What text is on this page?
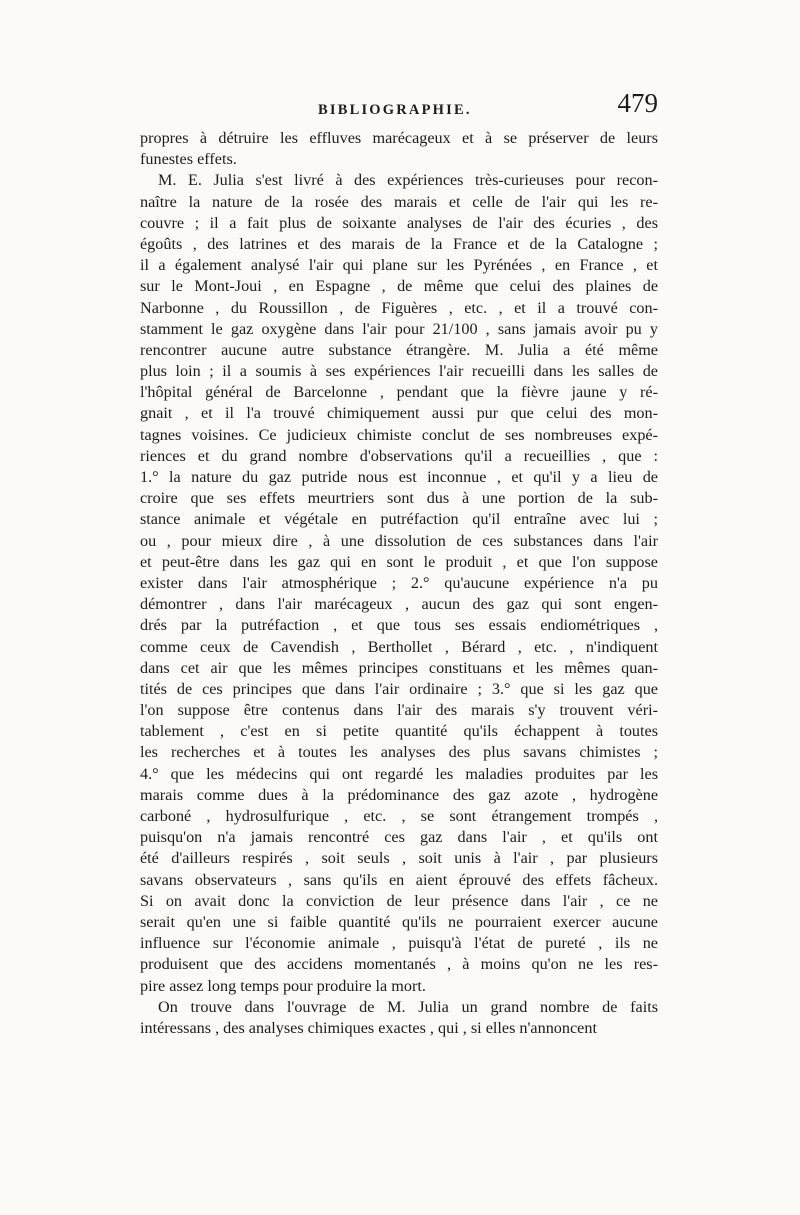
BIBLIOGRAPHIE.	479
propres à détruire les effluves marécageux et à se préserver de leurs
funestes effets.
M. E. Julia s'est livré à des expériences très-curieuses pour recon-
naître la nature de la rosée des marais et celle de l'air qui les re-
couvre ; il a fait plus de soixante analyses de l'air des écuries , des
égoûts , des latrines et des marais de la France et de la Catalogne ;
il a également analysé l'air qui plane sur les Pyrénées , en France , et
sur le Mont-Joui , en Espagne , de même que celui des plaines de
Narbonne , du Roussillon , de Figuères , etc. , et il a trouvé con-
stamment le gaz oxygène dans l'air pour 21/100 , sans jamais avoir pu y
rencontrer aucune autre substance étrangère. M. Julia a été même
plus loin ; il a soumis à ses expériences l'air recueilli dans les salles de
l'hôpital général de Barcelonne , pendant que la fièvre jaune y ré-
gnait , et il l'a trouvé chimiquement aussi pur que celui des mon-
tagnes voisines. Ce judicieux chimiste conclut de ses nombreuses expé-
riences et du grand nombre d'observations qu'il a recueillies , que :
1.° la nature du gaz putride nous est inconnue , et qu'il y a lieu de
croire que ses effets meurtriers sont dus à une portion de la sub-
stance animale et végétale en putréfaction qu'il entraîne avec lui ;
ou , pour mieux dire , à une dissolution de ces substances dans l'air
et peut-être dans les gaz qui en sont le produit , et que l'on suppose
exister dans l'air atmosphérique ; 2.° qu'aucune expérience n'a pu
démontrer , dans l'air marécageux , aucun des gaz qui sont engen-
drés par la putréfaction , et que tous ses essais endiométriques ,
comme ceux de Cavendish , Berthollet , Bérard , etc. , n'indiquent
dans cet air que les mêmes principes constituans et les mêmes quan-
tités de ces principes que dans l'air ordinaire ; 3.° que si les gaz que
l'on suppose être contenus dans l'air des marais s'y trouvent véri-
tablement , c'est en si petite quantité qu'ils échappent à toutes
les recherches et à toutes les analyses des plus savans chimistes ;
4.° que les médecins qui ont regardé les maladies produites par les
marais comme dues à la prédominance des gaz azote , hydrogène
carboné , hydrosulfurique , etc. , se sont étrangement trompés ,
puisqu'on n'a jamais rencontré ces gaz dans l'air , et qu'ils ont
été d'ailleurs respirés , soit seuls , soit unis à l'air , par plusieurs
savans observateurs , sans qu'ils en aient éprouvé des effets fâcheux.
Si on avait donc la conviction de leur présence dans l'air , ce ne
serait qu'en une si faible quantité qu'ils ne pourraient exercer aucune
influence sur l'économie animale , puisqu'à l'état de pureté , ils ne
produisent que des accidens momentanés , à moins qu'on ne les res-
pire assez long temps pour produire la mort.
On trouve dans l'ouvrage de M. Julia un grand nombre de faits
intéressans , des analyses chimiques exactes , qui , si elles n'annoncent
